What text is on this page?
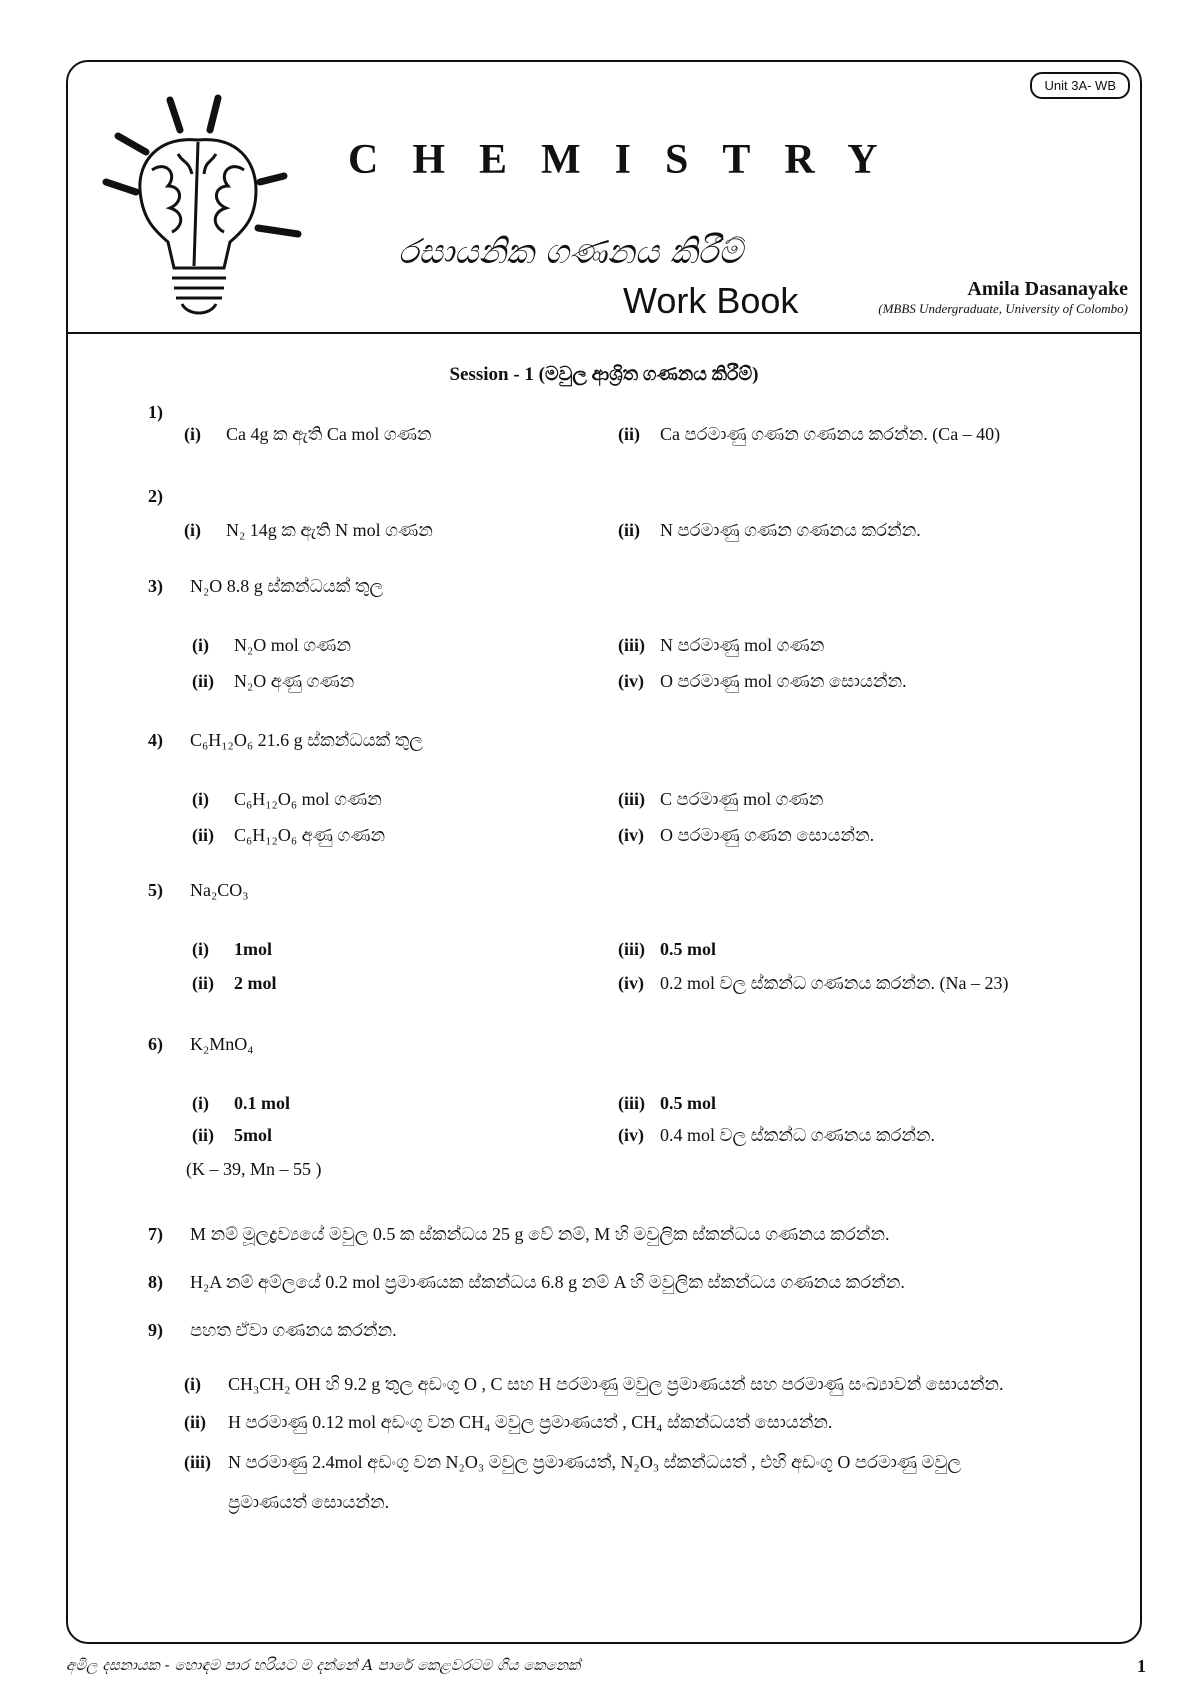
Unit 3A- WB
CHEMISTRY
රසායනික ගණනය කිරීම්
Work Book	Amila Dasanayake
(MBBS Undergraduate, University of Colombo)
Session - 1 (මවුල ආශ්‍රිත ගණනය කිරීම්)
1)
(i) Ca 4g ක ඇති Ca mol ගණන	(ii) Ca පරමාණු ගණන ගණනය කරන්න. (Ca – 40)
2)
(i) N₂ 14g ක ඇති N mol ගණන	(ii) N පරමාණු ගණන ගණනය කරන්න.
3) N₂O 8.8 g ස්කන්ධයක් තුල
(i) N₂O mol ගණන	(iii) N පරමාණු mol ගණන
(ii) N₂O අණු ගණන	(iv) O පරමාණු mol ගණන සොයන්න.
4) C₆H₁₂O₆ 21.6 g ස්කන්ධයක් තුල
(i) C₆H₁₂O₆ mol ගණන	(iii) C පරමාණු mol ගණන
(ii) C₆H₁₂O₆ අණු ගණන	(iv) O පරමාණු ගණන සොයන්න.
5) Na₂CO₃
(i) 1mol	(iii) 0.5 mol
(ii) 2 mol	(iv) 0.2 mol වල ස්කන්ධ ගණනය කරන්න. (Na – 23)
6) K₂MnO₄
(i) 0.1 mol	(iii) 0.5 mol
(ii) 5mol	(iv) 0.4 mol වල ස්කන්ධ ගණනය කරන්න.
(K – 39, Mn – 55 )
7) M නම් මූලද්‍රව්‍යයේ මවුල 0.5 ක ස්කන්ධය 25 g වේ නම්, M හි මවුලික ස්කන්ධය ගණනය කරන්න.
8) H₂A නම් අම්ලයේ 0.2 mol ප්‍රමාණයක ස්කන්ධය 6.8 g නම් A හි මවුලික ස්කන්ධය ගණනය කරන්න.
9) පහත ඒවා ගණනය කරන්න.
(i) CH₃CH₂ OH හි 9.2 g තුල අඩංගු O , C සහ H පරමාණු මවුල ප්‍රමාණයන් සහ පරමාණු සංඛ්‍යාවන් සොයන්න.
(ii) H පරමාණු 0.12 mol අඩංගු වන CH₄ මවුල ප්‍රමාණයත් , CH₄ ස්කන්ධයත් සොයන්න.
(iii) N පරමාණු 2.4mol අඩංගු වන N₂O₃ මවුල ප්‍රමාණයත්, N₂O₃ ස්කන්ධයත් , එහි අඩංගු O පරමාණු මවුල
ප්‍රමාණයත් සොයන්න.
අමිල දසනායක - හොඳම පාර හරියට ම දන්නේ A පාරේ කෙළවරටම ගිය කෙනෙක්	1
